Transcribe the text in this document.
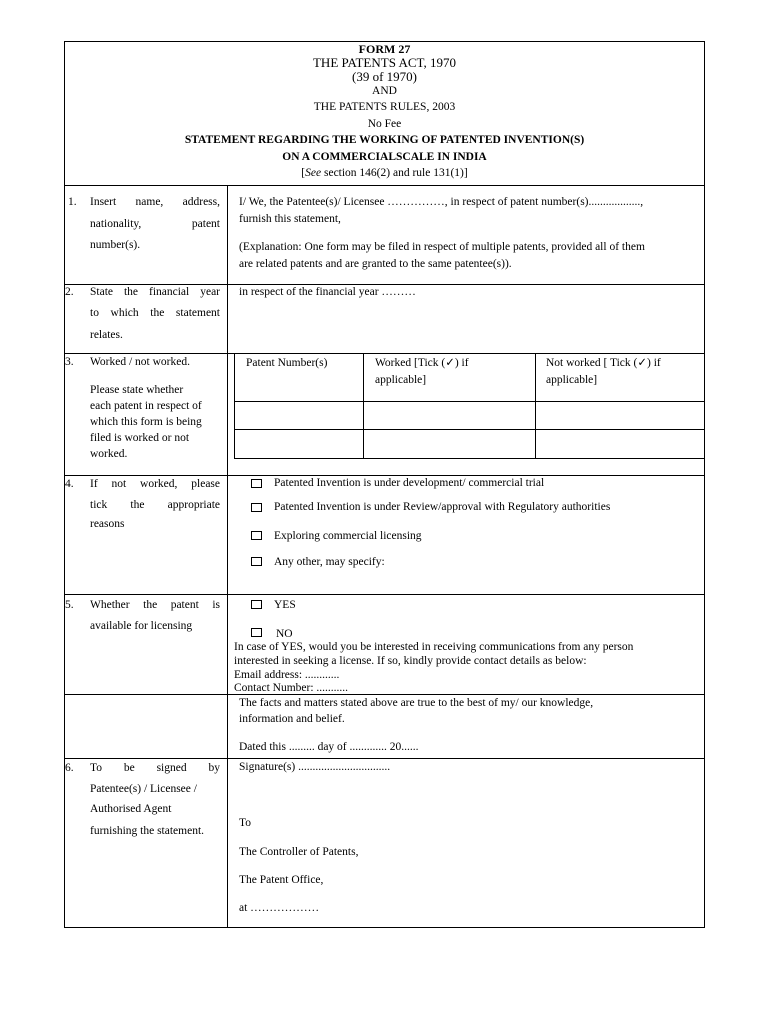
FORM 27
THE PATENTS ACT, 1970
(39 of 1970)
AND
THE PATENTS RULES, 2003
No Fee
STATEMENT REGARDING THE WORKING OF PATENTED INVENTION(S)
ON A COMMERCIALSCALE IN INDIA
[See section 146(2) and rule 131(1)]
1. Insert name, address,
nationality, patent
number(s).
I/ We, the Patentee(s)/ Licensee ……………, in respect of patent number(s)..................,
furnish this statement,
(Explanation: One form may be filed in respect of multiple patents, provided all of them
are related patents and are granted to the same patentee(s)).
2. State the financial year
to which the statement
relates.
in respect of the financial year ………
3. Worked / not worked.
Please state whether
each patent in respect of
which this form is being
filed is worked or not
worked.
Patent Number(s)	Worked [Tick (✓) if
applicable]
Not worked [ Tick (✓) if
applicable]
4. If not worked, please
tick the appropriate
reasons
Patented Invention is under development/ commercial trial
Patented Invention is under Review/approval with Regulatory authorities
Exploring commercial licensing
Any other, may specify:
5. Whether the patent is
available for licensing
YES
NO
In case of YES, would you be interested in receiving communications from any person
interested in seeking a license. If so, kindly provide contact details as below:
Email address: ............
Contact Number: ...........
The facts and matters stated above are true to the best of my/ our knowledge,
information and belief.
Dated this ......... day of ............. 20......
6. To be signed by
Patentee(s) / Licensee /
Authorised Agent
furnishing the statement.
Signature(s) ................................
To
The Controller of Patents,
The Patent Office,
at ………………
